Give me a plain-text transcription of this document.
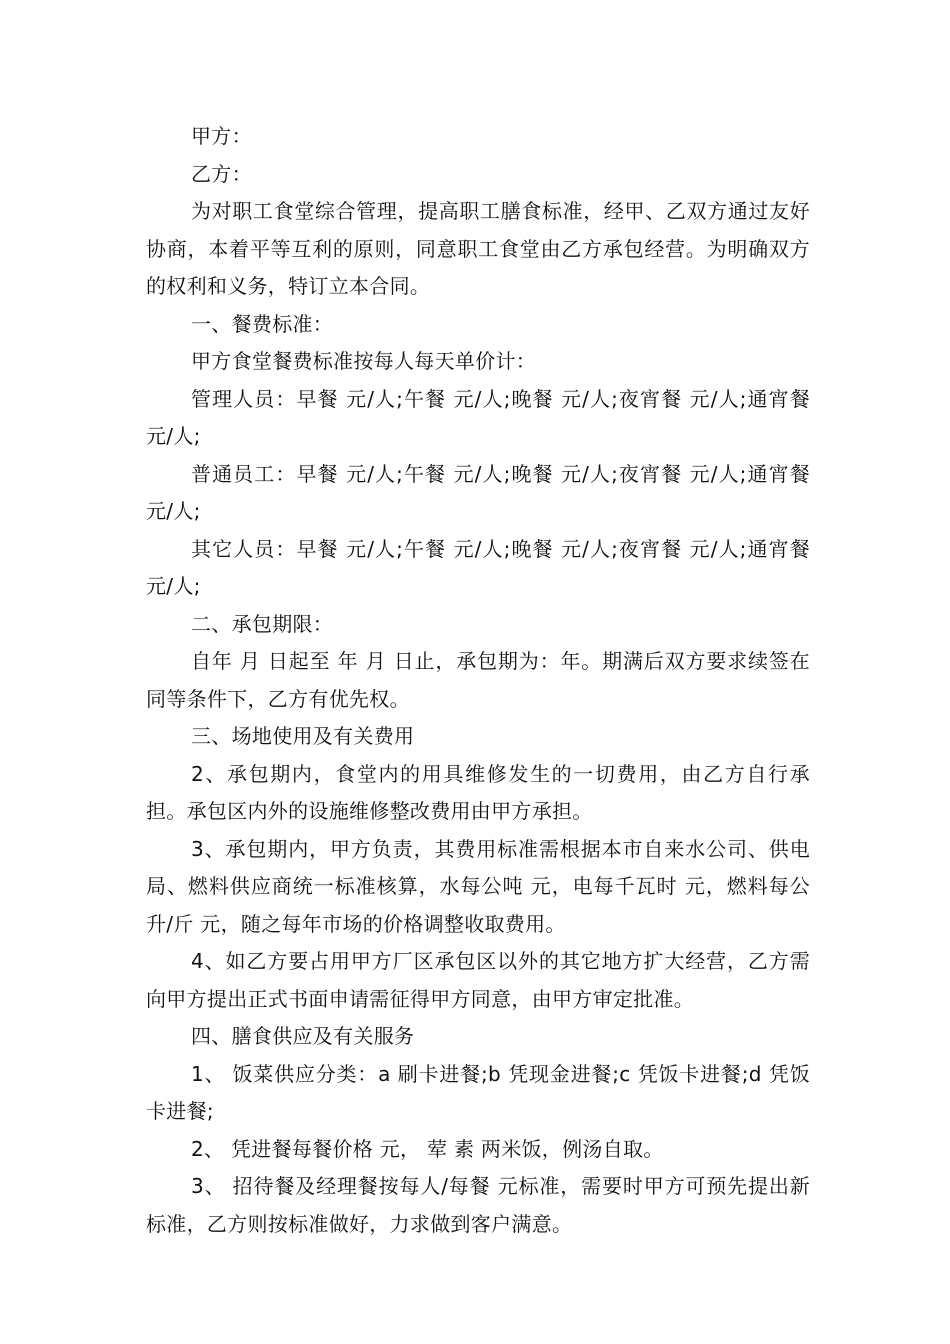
甲方：

乙方：

为对职工食堂综合管理，提高职工膳食标准，经甲、乙双方通过友好协商，本着平等互利的原则，同意职工食堂由乙方承包经营。为明确双方的权利和义务，特订立本合同。

一、餐费标准：

甲方食堂餐费标准按每人每天单价计：

管理人员：早餐 元/人;午餐 元/人;晚餐 元/人;夜宵餐 元/人;通宵餐 元/人;

普通员工：早餐 元/人;午餐 元/人;晚餐 元/人;夜宵餐 元/人;通宵餐 元/人;

其它人员：早餐 元/人;午餐 元/人;晚餐 元/人;夜宵餐 元/人;通宵餐 元/人;

二、承包期限：

自年 月 日起至 年 月 日止，承包期为：年。期满后双方要求续签在同等条件下，乙方有优先权。

三、场地使用及有关费用

2、承包期内，食堂内的用具维修发生的一切费用，由乙方自行承担。承包区内外的设施维修整改费用由甲方承担。

3、承包期内，甲方负责，其费用标准需根据本市自来水公司、供电局、燃料供应商统一标准核算，水每公吨 元，电每千瓦时 元，燃料每公升/斤 元，随之每年市场的价格调整收取费用。

4、如乙方要占用甲方厂区承包区以外的其它地方扩大经营，乙方需向甲方提出正式书面申请需征得甲方同意，由甲方审定批准。

四、膳食供应及有关服务

1、 饭菜供应分类：a 刷卡进餐;b 凭现金进餐;c 凭饭卡进餐;d 凭饭卡进餐;

2、 凭进餐每餐价格 元， 荤 素 两米饭，例汤自取。

3、 招待餐及经理餐按每人/每餐 元标准，需要时甲方可预先提出新标准，乙方则按标准做好，力求做到客户满意。
